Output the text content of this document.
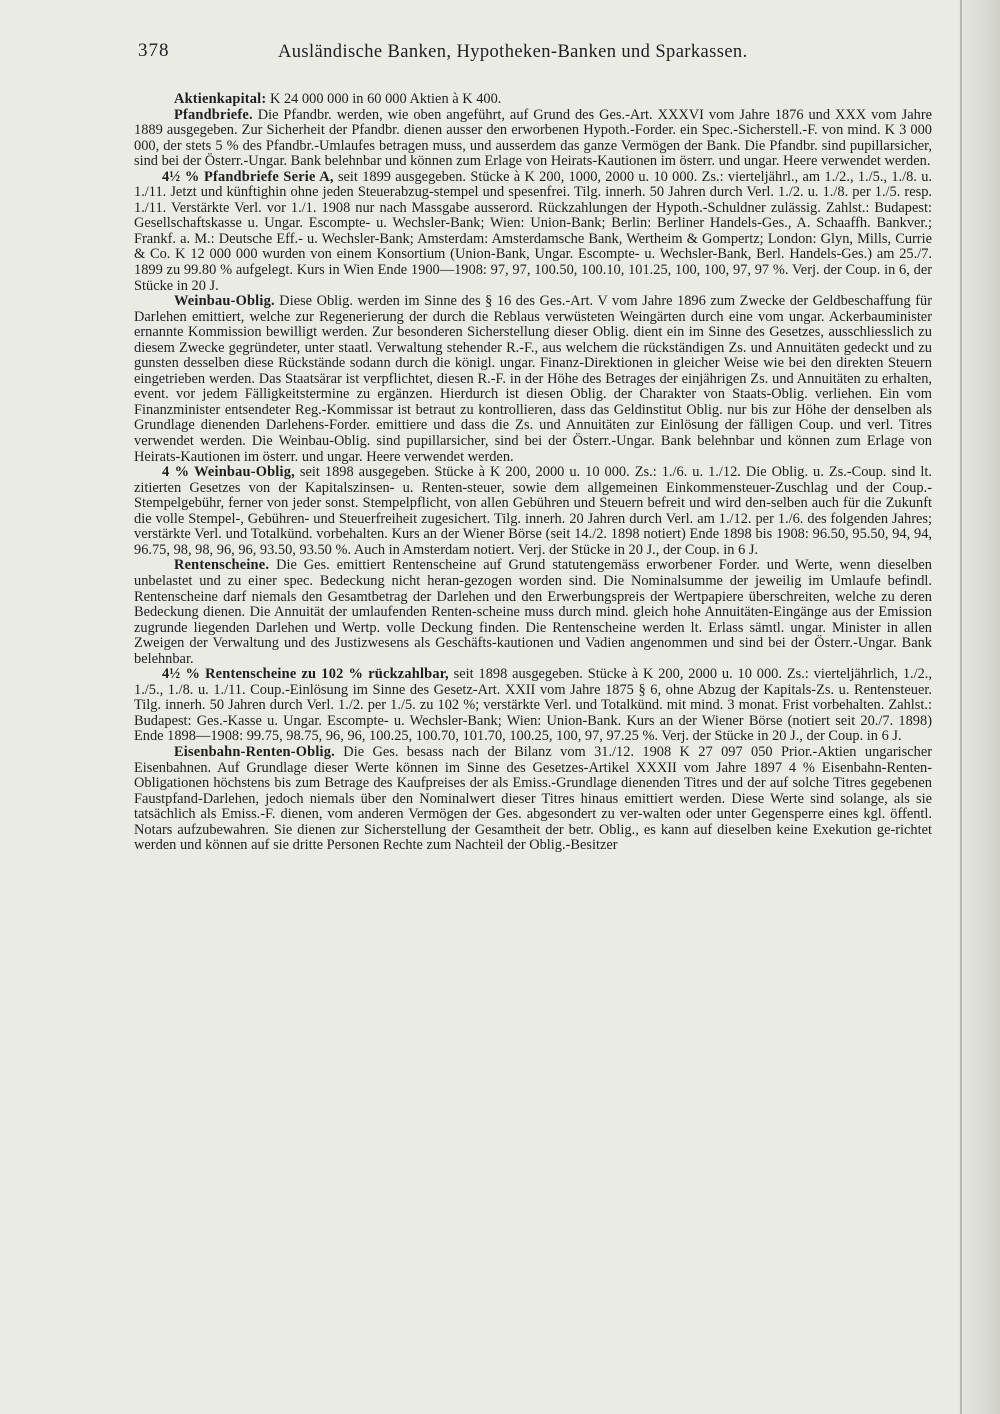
378	Ausländische Banken, Hypotheken-Banken und Sparkassen.

Aktienkapital: K 24 000 000 in 60 000 Aktien à K 400.

Pfandbriefe. Die Pfandbr. werden, wie oben angeführt, auf Grund des Ges.-Art. XXXVI vom Jahre 1876 und XXX vom Jahre 1889 ausgegeben. Zur Sicherheit der Pfandbr. dienen ausser den erworbenen Hypoth.-Forder. ein Spec.-Sicherstell.-F. von mind. K 3 000 000, der stets 5 % des Pfandbr.-Umlaufes betragen muss, und ausserdem das ganze Vermögen der Bank. Die Pfandbr. sind pupillarsicher, sind bei der Österr.-Ungar. Bank belehnbar und können zum Erlage von Heirats-Kautionen im österr. und ungar. Heere verwendet werden.

4½ % Pfandbriefe Serie A, seit 1899 ausgegeben. Stücke à K 200, 1000, 2000 u. 10 000. Zs.: vierteljährl., am 1./2., 1./5., 1./8. u. 1./11. Jetzt und künftighin ohne jeden Steuerabzug-stempel und spesenfrei. Tilg. innerh. 50 Jahren durch Verl. 1./2. u. 1./8. per 1./5. resp. 1./11. Verstärkte Verl. vor 1./1. 1908 nur nach Massgabe ausserord. Rückzahlungen der Hypoth.-Schuldner zulässig. Zahlst.: Budapest: Gesellschaftskasse u. Ungar. Escompte- u. Wechsler-Bank; Wien: Union-Bank; Berlin: Berliner Handels-Ges., A. Schaaffh. Bankver.; Frankf. a. M.: Deutsche Eff.- u. Wechsler-Bank; Amsterdam: Amsterdamsche Bank, Wertheim & Gompertz; London: Glyn, Mills, Currie & Co. K 12 000 000 wurden von einem Konsortium (Union-Bank, Ungar. Escompte- u. Wechsler-Bank, Berl. Handels-Ges.) am 25./7. 1899 zu 99.80 % aufgelegt. Kurs in Wien Ende 1900—1908: 97, 97, 100.50, 100.10, 101.25, 100, 100, 97, 97 %. Verj. der Coup. in 6, der Stücke in 20 J.

Weinbau-Oblig. Diese Oblig. werden im Sinne des § 16 des Ges.-Art. V vom Jahre 1896 zum Zwecke der Geldbeschaffung für Darlehen emittiert, welche zur Regenerierung der durch die Reblaus verwüsteten Weingärten durch eine vom ungar. Ackerbauminister ernannte Kommission bewilligt werden. Zur besonderen Sicherstellung dieser Oblig. dient ein im Sinne des Gesetzes, ausschliesslich zu diesem Zwecke gegründeter, unter staatl. Verwaltung stehender R.-F., aus welchem die rückständigen Zs. und Annuitäten gedeckt und zu gunsten desselben diese Rückstände sodann durch die königl. ungar. Finanz-Direktionen in gleicher Weise wie bei den direkten Steuern eingetrieben werden. Das Staatsärar ist verpflichtet, diesen R.-F. in der Höhe des Betrages der einjährigen Zs. und Annuitäten zu erhalten, event. vor jedem Fälligkeitstermine zu ergänzen. Hierdurch ist diesen Oblig. der Charakter von Staats-Oblig. verliehen. Ein vom Finanzminister entsendeter Reg.-Kommissar ist betraut zu kontrollieren, dass das Geldinstitut Oblig. nur bis zur Höhe der denselben als Grundlage dienenden Darlehens-Forder. emittiere und dass die Zs. und Annuitäten zur Einlösung der fälligen Coup. und verl. Titres verwendet werden. Die Weinbau-Oblig. sind pupillarsicher, sind bei der Österr.-Ungar. Bank belehnbar und können zum Erlage von Heirats-Kautionen im österr. und ungar. Heere verwendet werden.

4 % Weinbau-Oblig, seit 1898 ausgegeben. Stücke à K 200, 2000 u. 10 000. Zs.: 1./6. u. 1./12. Die Oblig. u. Zs.-Coup. sind lt. zitierten Gesetzes von der Kapitalszinsen- u. Renten-steuer, sowie dem allgemeinen Einkommensteuer-Zuschlag und der Coup.-Stempelgebühr, ferner von jeder sonst. Stempelpflicht, von allen Gebühren und Steuern befreit und wird den-selben auch für die Zukunft die volle Stempel-, Gebühren- und Steuerfreiheit zugesichert. Tilg. innerh. 20 Jahren durch Verl. am 1./12. per 1./6. des folgenden Jahres; verstärkte Verl. und Totalkünd. vorbehalten. Kurs an der Wiener Börse (seit 14./2. 1898 notiert) Ende 1898 bis 1908: 96.50, 95.50, 94, 94, 96.75, 98, 98, 96, 96, 93.50, 93.50 %. Auch in Amsterdam notiert. Verj. der Stücke in 20 J., der Coup. in 6 J.

Rentenscheine. Die Ges. emittiert Rentenscheine auf Grund statutengemäss erworbener Forder. und Werte, wenn dieselben unbelastet und zu einer spec. Bedeckung nicht heran-gezogen worden sind. Die Nominalsumme der jeweilig im Umlaufe befindl. Rentenscheine darf niemals den Gesamtbetrag der Darlehen und den Erwerbungspreis der Wertpapiere überschreiten, welche zu deren Bedeckung dienen. Die Annuität der umlaufenden Renten-scheine muss durch mind. gleich hohe Annuitäten-Eingänge aus der Emission zugrunde liegenden Darlehen und Wertp. volle Deckung finden. Die Rentenscheine werden lt. Erlass sämtl. ungar. Minister in allen Zweigen der Verwaltung und des Justizwesens als Geschäfts-kautionen und Vadien angenommen und sind bei der Österr.-Ungar. Bank belehnbar.

4½ % Rentenscheine zu 102 % rückzahlbar, seit 1898 ausgegeben. Stücke à K 200, 2000 u. 10 000. Zs.: vierteljährlich, 1./2., 1./5., 1./8. u. 1./11. Coup.-Einlösung im Sinne des Gesetz-Art. XXII vom Jahre 1875 § 6, ohne Abzug der Kapitals-Zs. u. Rentensteuer. Tilg. innerh. 50 Jahren durch Verl. 1./2. per 1./5. zu 102 %; verstärkte Verl. und Totalkünd. mit mind. 3 monat. Frist vorbehalten. Zahlst.: Budapest: Ges.-Kasse u. Ungar. Escompte- u. Wechsler-Bank; Wien: Union-Bank. Kurs an der Wiener Börse (notiert seit 20./7. 1898) Ende 1898—1908: 99.75, 98.75, 96, 96, 100.25, 100.70, 101.70, 100.25, 100, 97, 97.25 %. Verj. der Stücke in 20 J., der Coup. in 6 J.

Eisenbahn-Renten-Oblig. Die Ges. besass nach der Bilanz vom 31./12. 1908 K 27 097 050 Prior.-Aktien ungarischer Eisenbahnen. Auf Grundlage dieser Werte können im Sinne des Gesetzes-Artikel XXXII vom Jahre 1897 4 % Eisenbahn-Renten-Obligationen höchstens bis zum Betrage des Kaufpreises der als Emiss.-Grundlage dienenden Titres und der auf solche Titres gegebenen Faustpfand-Darlehen, jedoch niemals über den Nominalwert dieser Titres hinaus emittiert werden. Diese Werte sind solange, als sie tatsächlich als Emiss.-F. dienen, vom anderen Vermögen der Ges. abgesondert zu ver-walten oder unter Gegensperre eines kgl. öffentl. Notars aufzubewahren. Sie dienen zur Sicherstellung der Gesamtheit der betr. Oblig., es kann auf dieselben keine Exekution ge-richtet werden und können auf sie dritte Personen Rechte zum Nachteil der Oblig.-Besitzer
